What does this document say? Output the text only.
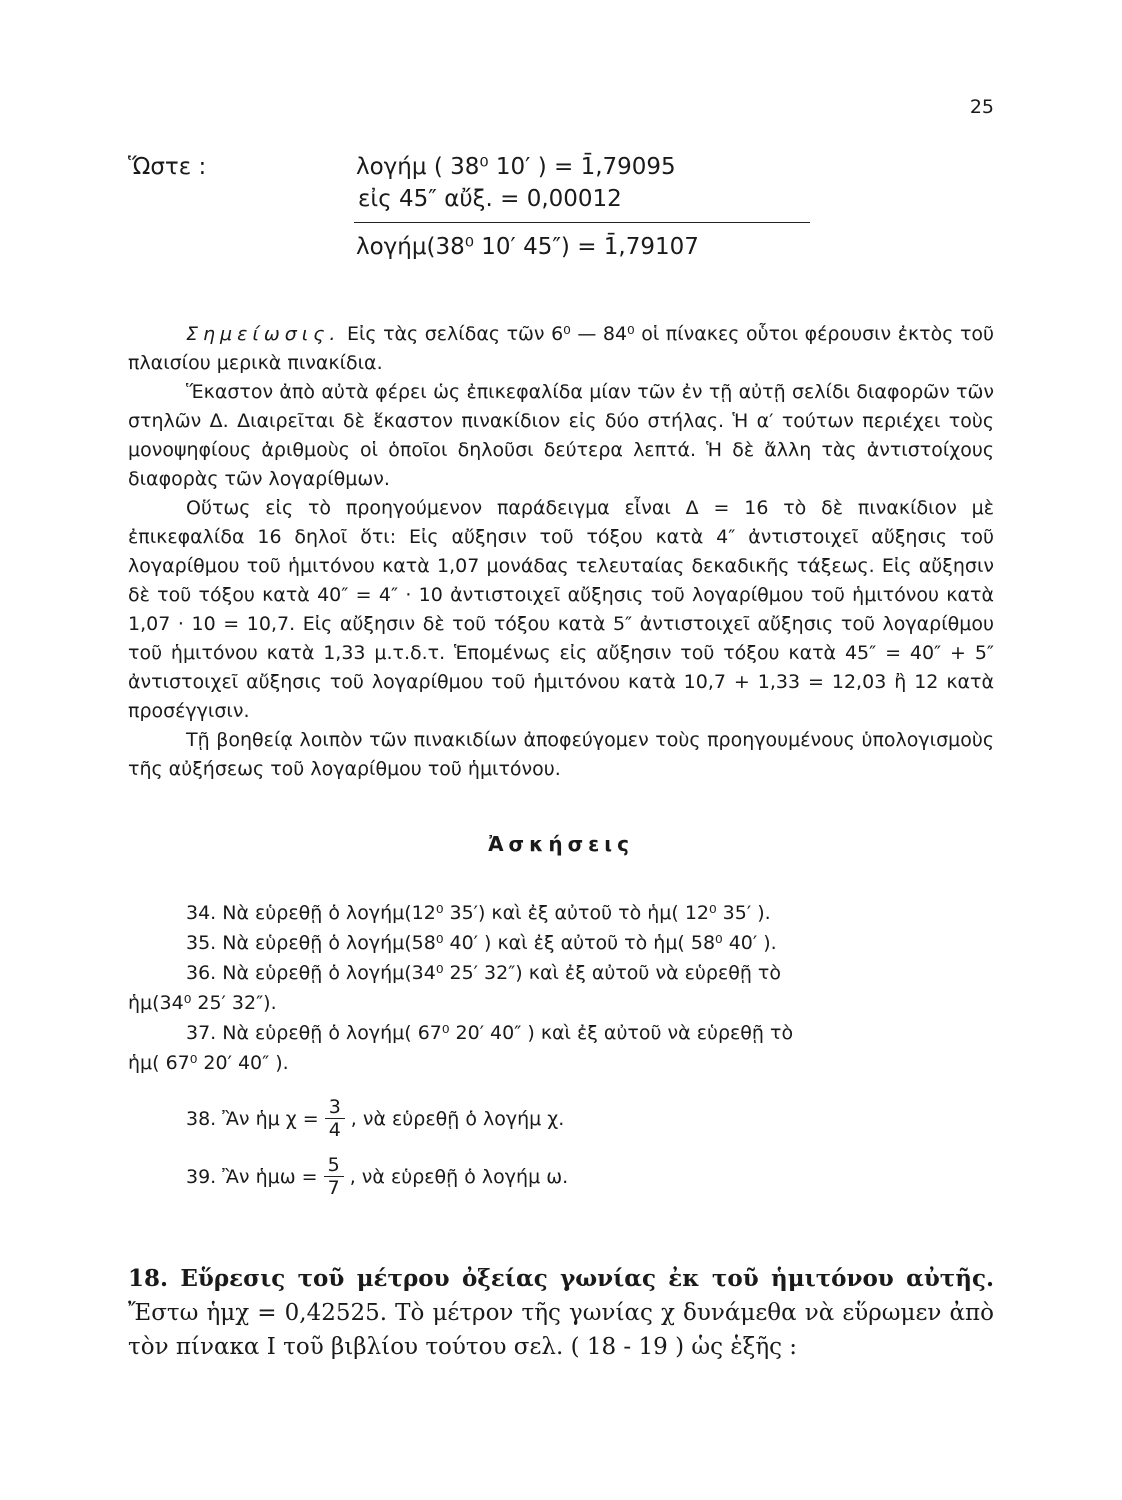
25
Ὥστε :	λογήμ ( 38⁰ 10′ ) = 1̄,79095
εἰς 45″ αὔξ. = 0,00012
λογήμ(38⁰ 10′ 45″) = 1̄,79107

Σημείωσις. Εἰς τὰς σελίδας τῶν 6⁰ — 84⁰ οἱ πίνακες οὗτοι φέρουσιν ἐκτὸς τοῦ πλαισίου μερικὰ πινακίδια.

Ἕκαστον ἀπὸ αὐτὰ φέρει ὡς ἐπικεφαλίδα μίαν τῶν ἐν τῇ αὐτῇ σελίδι διαφορῶν τῶν στηλῶν Δ. Διαιρεῖται δὲ ἕκαστον πινακίδιον εἰς δύο στήλας. Ἡ α′ τούτων περιέχει τοὺς μονοψηφίους ἀριθμοὺς οἱ ὁποῖοι δηλοῦσι δεύτερα λεπτά. Ἡ δὲ ἄλλη τὰς ἀντιστοίχους διαφορὰς τῶν λογαρίθμων.

Οὕτως εἰς τὸ προηγούμενον παράδειγμα εἶναι Δ = 16 τὸ δὲ πινακίδιον μὲ ἐπικεφαλίδα 16 δηλοῖ ὅτι: Εἰς αὔξησιν τοῦ τόξου κατὰ 4″ ἀντιστοιχεῖ αὔξησις τοῦ λογαρίθμου τοῦ ἡμιτόνου κατὰ 1,07 μονάδας τελευταίας δεκαδικῆς τάξεως. Εἰς αὔξησιν δὲ τοῦ τόξου κατὰ 40″ = 4″ · 10 ἀντιστοιχεῖ αὔξησις τοῦ λογαρίθμου τοῦ ἡμιτόνου κατὰ 1,07 · 10 = 10,7. Εἰς αὔξησιν δὲ τοῦ τόξου κατὰ 5″ ἀντιστοιχεῖ αὔξησις τοῦ λογαρίθμου τοῦ ἡμιτόνου κατὰ 1,33 μ.τ.δ.τ. Ἑπομένως εἰς αὔξησιν τοῦ τόξου κατὰ 45″ = 40″ + 5″ ἀντιστοιχεῖ αὔξησις τοῦ λογαρίθμου τοῦ ἡμιτόνου κατὰ 10,7 + 1,33 = 12,03 ἢ 12 κατὰ προσέγγισιν.

Τῇ βοηθείᾳ λοιπὸν τῶν πινακιδίων ἀποφεύγομεν τοὺς προηγουμένους ὑπολογισμοὺς τῆς αὐξήσεως τοῦ λογαρίθμου τοῦ ἡμιτόνου.

Ἀσκήσεις

34. Νὰ εὑρεθῇ ὁ λογήμ(12⁰ 35′) καὶ ἐξ αὐτοῦ τὸ ἡμ( 12⁰ 35′ ).

35. Νὰ εὑρεθῇ ὁ λογήμ(58⁰ 40′ ) καὶ ἐξ αὐτοῦ τὸ ἡμ( 58⁰ 40′ ).

36. Νὰ εὑρεθῇ ὁ λογήμ(34⁰ 25′ 32″) καὶ ἐξ αὐτοῦ νὰ εὑρεθῇ τὸ

ἡμ(34⁰ 25′ 32″).

37. Νὰ εὑρεθῇ ὁ λογήμ( 67⁰ 20′ 40″ ) καὶ ἐξ αὐτοῦ νὰ εὑρεθῇ τὸ

ἡμ( 67⁰ 20′ 40″ ).

38. Ἂν ἡμ $\chi = \frac{3}{4}$ , νὰ εὑρεθῇ ὁ λογήμ χ.
39. Ἂν ἡμω = $\frac{5}{7}$ , νὰ εὑρεθῇ ὁ λογήμ ω.
18. Εὕρεσις τοῦ μέτρου ὀξείας γωνίας ἐκ τοῦ ἡμιτόνου αὐτῆς. Ἔστω ἡμχ = 0,42525. Τὸ μέτρον τῆς γωνίας χ δυνάμεθα νὰ εὕρωμεν ἀπὸ τὸν πίνακα Ι τοῦ βιβλίου τούτου σελ. ( 18 - 19 ) ὡς ἑξῆς :
